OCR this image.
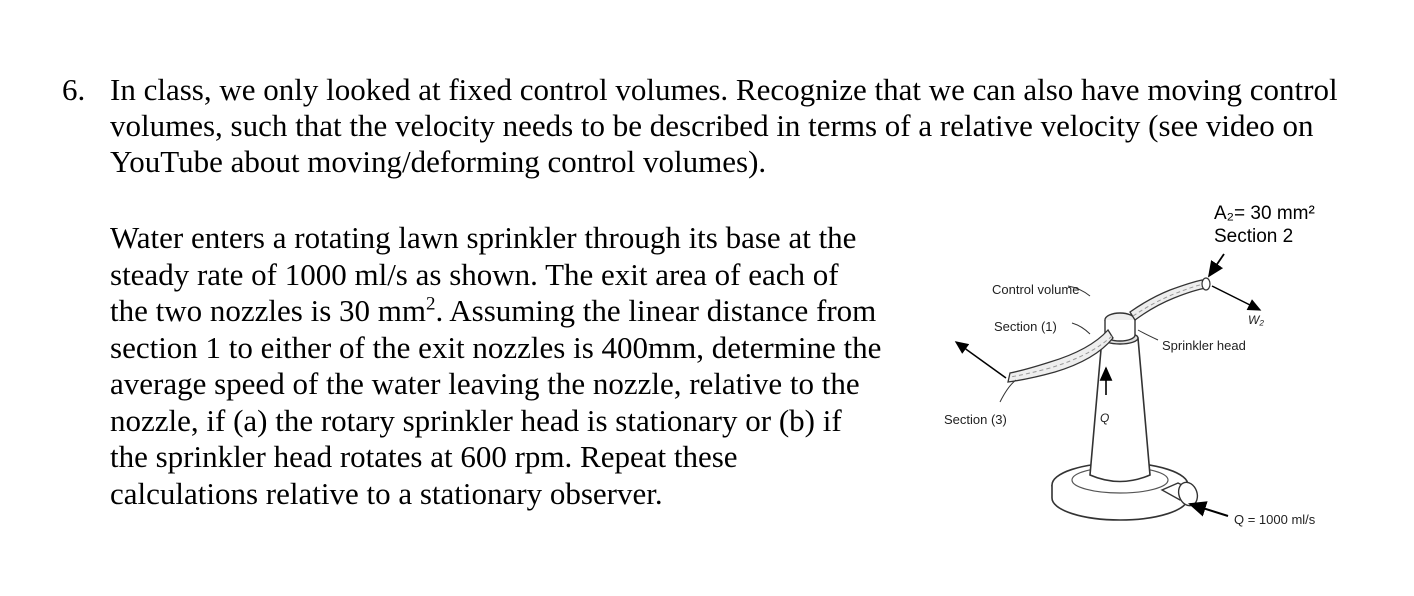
6. In class, we only looked at fixed control volumes. Recognize that we can also have moving control
volumes, such that the velocity needs to be described in terms of a relative velocity (see video on
YouTube about moving/deforming control volumes).
Water enters a rotating lawn sprinkler through its base at the
steady rate of 1000 ml/s as shown. The exit area of each of
the two nozzles is 30 $mm^2$. Assuming the linear distance from
section 1 to either of the exit nozzles is 400mm, determine the
average speed of the water leaving the nozzle, relative to the
nozzle, if (a) the rotary sprinkler head is stationary or (b) if
the sprinkler head rotates at 600 rpm. Repeat these
calculations relative to a stationary observer.
A₂= 30 mm²
Section 2
Control volume
Section (1)
Sprinkler head
W₂
Section (3)	Q
Q = 1000 ml/s
